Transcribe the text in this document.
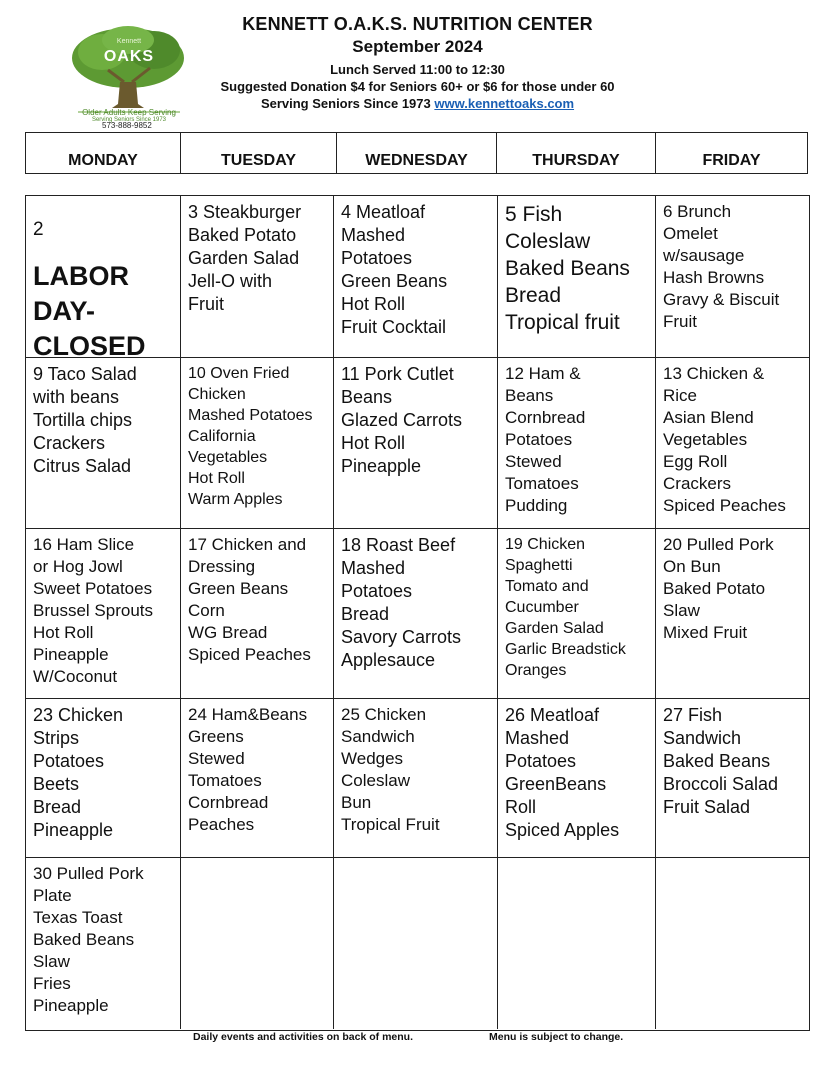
OAKS
Kennett
Older Adults Keep Serving
Serving Seniors Since 1973
573-888-9852
KENNETT O.A.K.S. NUTRITION CENTER
September 2024
Lunch Served 11:00 to 12:30
Suggested Donation $4 for Seniors 60+ or $6 for those under 60
Serving Seniors Since 1973 www.kennettoaks.com
MONDAY	TUESDAY	WEDNESDAY	THURSDAY	FRIDAY

2

LABOR DAY-CLOSED

3 Steakburger
Baked Potato
Garden Salad
Jell-O with
Fruit
4 Meatloaf
Mashed
Potatoes
Green Beans
Hot Roll
Fruit Cocktail
5 Fish
Coleslaw
Baked Beans
Bread
Tropical fruit
6 Brunch
Omelet
w/sausage
Hash Browns
Gravy & Biscuit
Fruit
9 Taco Salad
with beans
Tortilla chips
Crackers
Citrus Salad
10 Oven Fried
Chicken
Mashed Potatoes
California
Vegetables
Hot Roll
Warm Apples
11 Pork Cutlet
Beans
Glazed Carrots
Hot Roll
Pineapple
12 Ham &
Beans
Cornbread
Potatoes
Stewed
Tomatoes
Pudding
13 Chicken &
Rice
Asian Blend
Vegetables
Egg Roll
Crackers
Spiced Peaches
16 Ham Slice
or Hog Jowl
Sweet Potatoes
Brussel Sprouts
Hot Roll
Pineapple
W/Coconut
17 Chicken and
Dressing
Green Beans
Corn
WG Bread
Spiced Peaches
18 Roast Beef
Mashed
Potatoes
Bread
Savory Carrots
Applesauce
19 Chicken
Spaghetti
Tomato and
Cucumber
Garden Salad
Garlic Breadstick
Oranges
20 Pulled Pork
On Bun
Baked Potato
Slaw
Mixed Fruit
23 Chicken
Strips
Potatoes
Beets
Bread
Pineapple
24 Ham&Beans
Greens
Stewed
Tomatoes
Cornbread
Peaches
25 Chicken
Sandwich
Wedges
Coleslaw
Bun
Tropical Fruit
26 Meatloaf
Mashed
Potatoes
GreenBeans
Roll
Spiced Apples
27 Fish
Sandwich
Baked Beans
Broccoli Salad
Fruit Salad
30 Pulled Pork
Plate
Texas Toast
Baked Beans
Slaw
Fries
Pineapple
Daily events and activities on back of menu.	Menu is subject to change.
